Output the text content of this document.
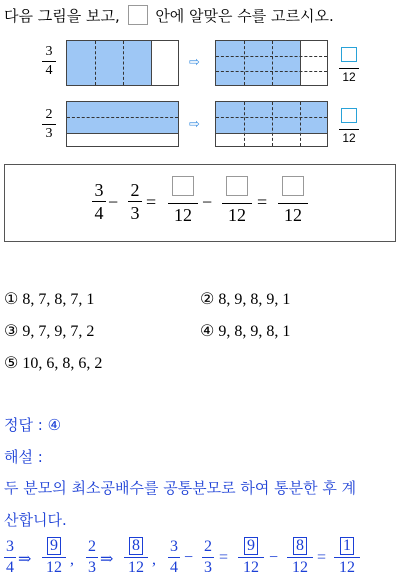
다음 그림을 보고, 안에 알맞은 수를 고르시오.
3
4
⇨
12
2
3
⇨
12
3
4
−
2
3
=
12
−
12
=
12
① 8, 7, 8, 7, 1	② 8, 9, 8, 9, 1
③ 9, 7, 9, 7, 2	④ 9, 8, 9, 8, 1
⑤ 10, 6, 8, 6, 2
정답 : ④
해설 :
두 분모의 최소공배수를 공통분모로 하여 통분한 후 계
산합니다.
3
4 ⇒
9
12 ,
2
3 ⇒
8
12 ,
3
4
−
2
3
=
9
12
−
8
12
=
1
12
